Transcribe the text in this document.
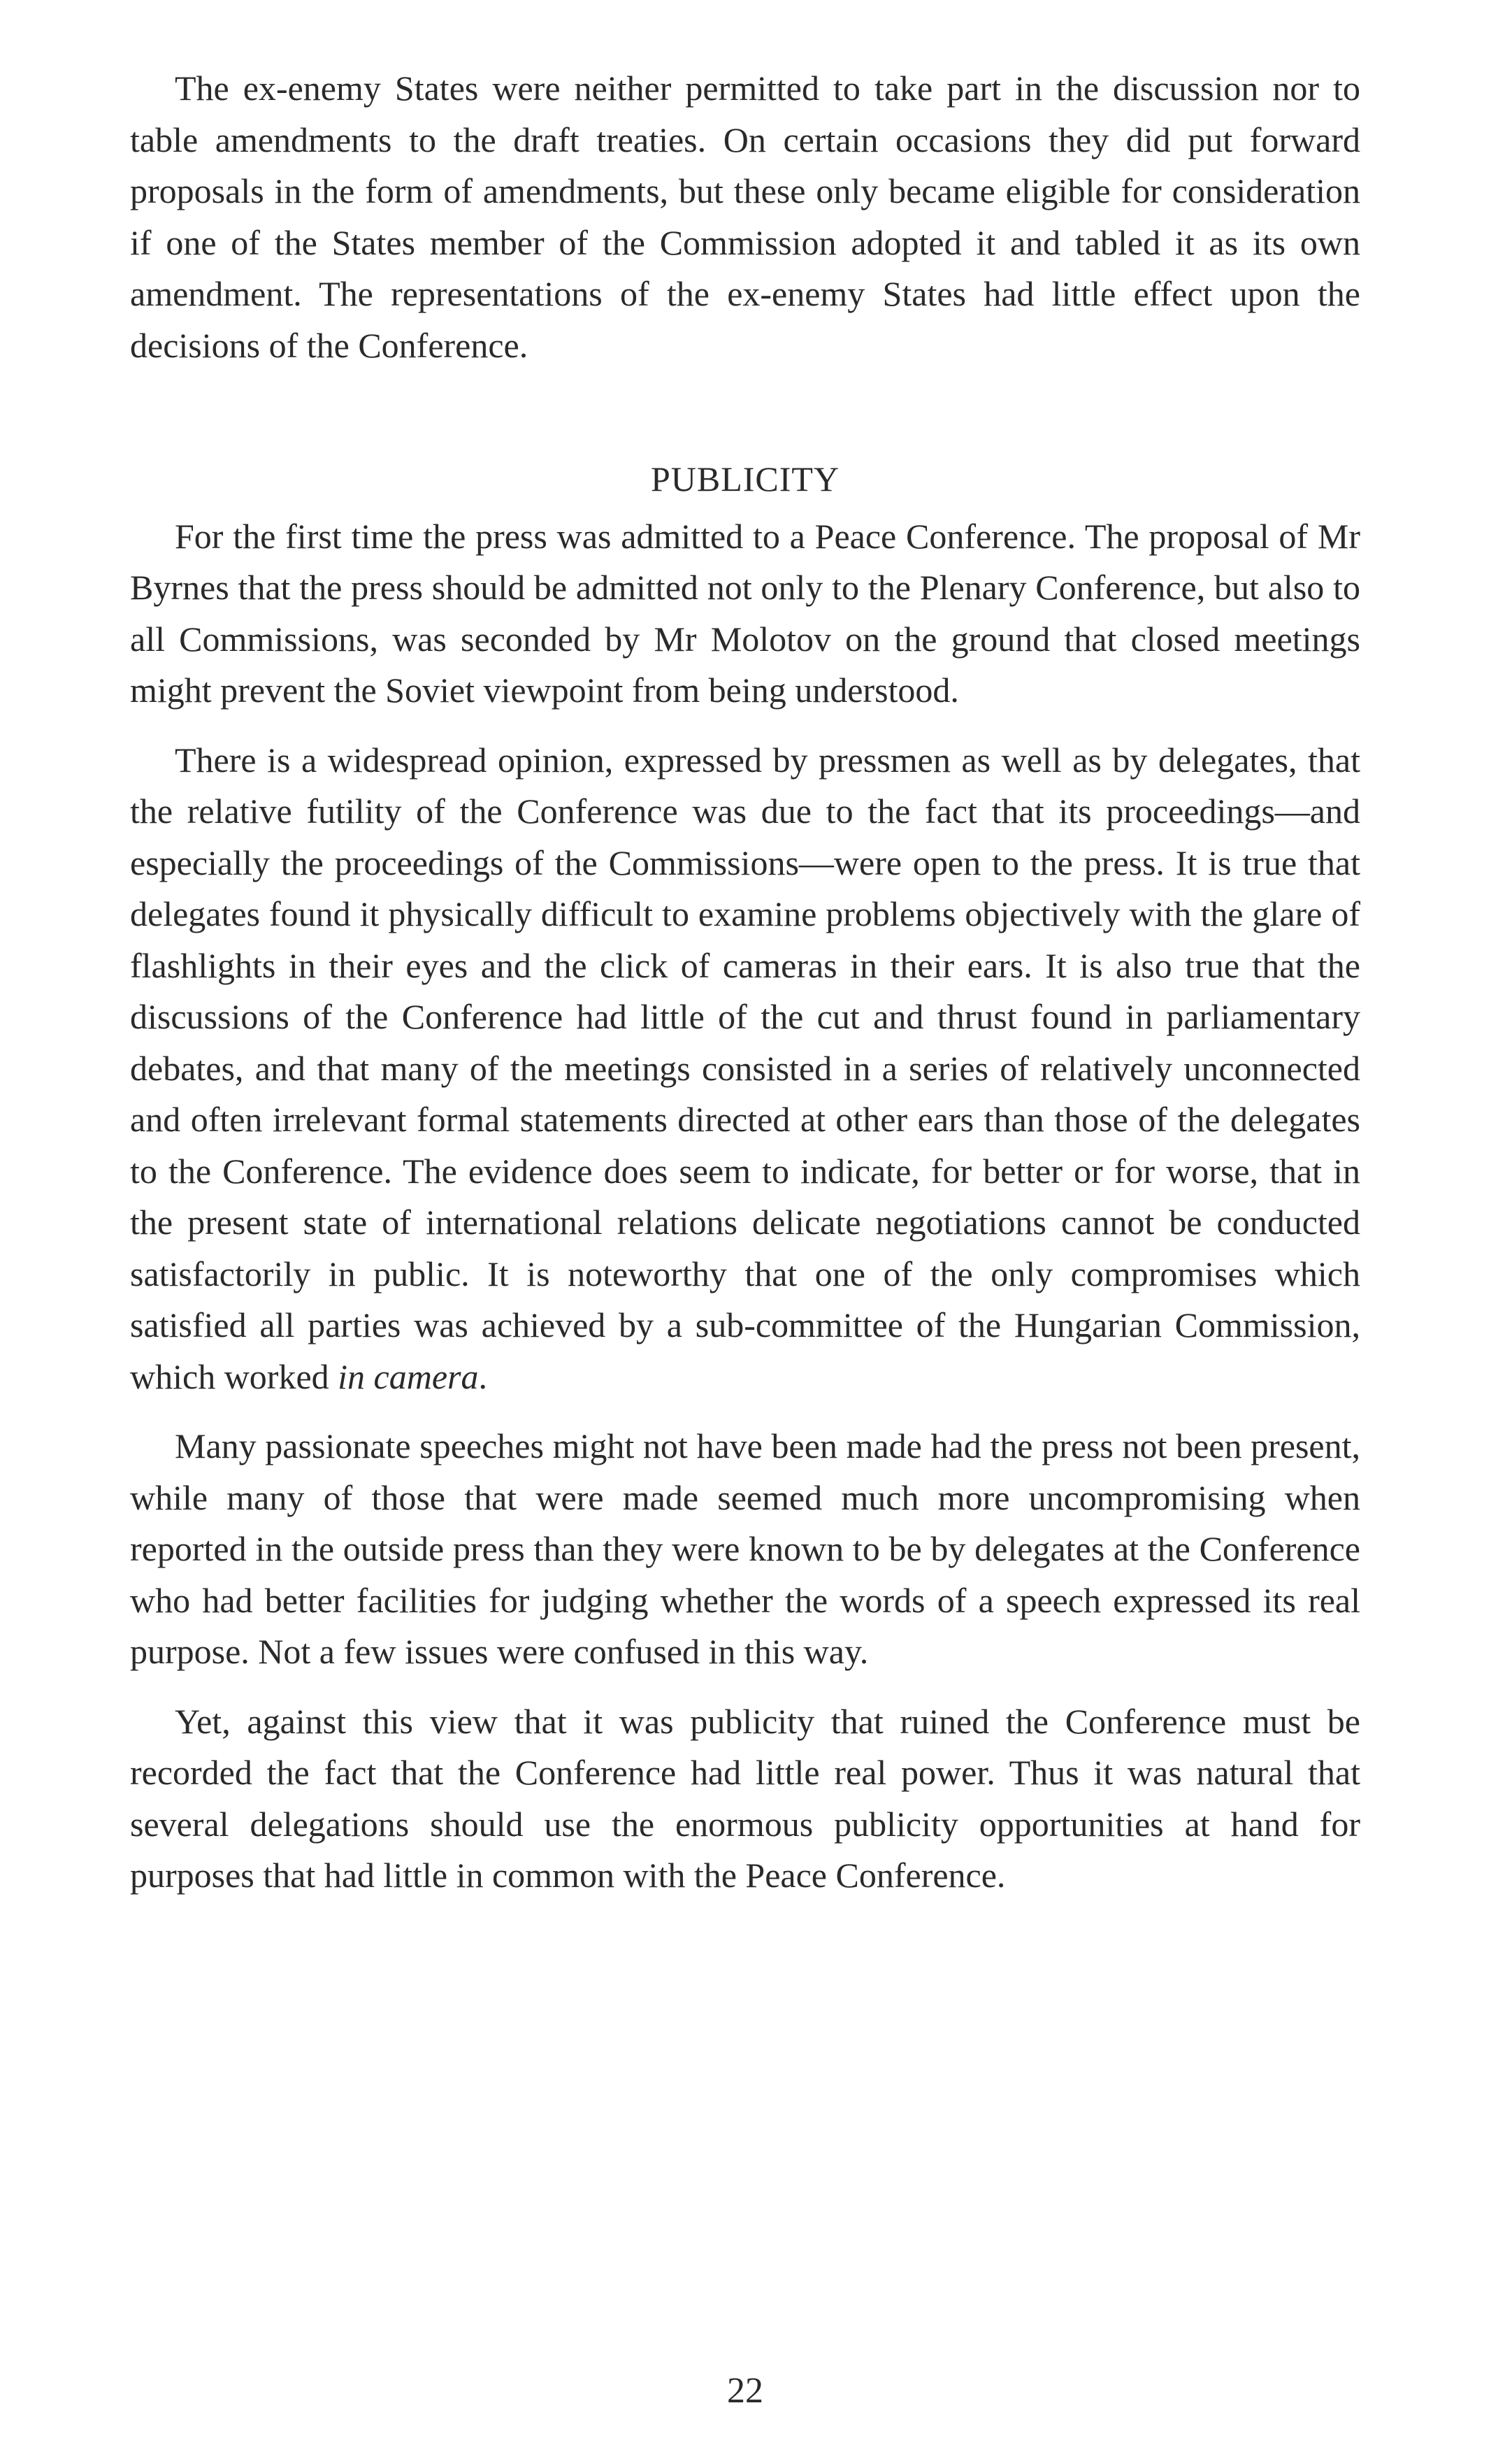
The ex-enemy States were neither permitted to take part in the discussion nor to table amendments to the draft treaties. On certain occasions they did put forward proposals in the form of amendments, but these only became eligible for consideration if one of the States member of the Commission adopted it and tabled it as its own amendment. The representations of the ex-enemy States had little effect upon the decisions of the Conference.

PUBLICITY

For the first time the press was admitted to a Peace Conference. The proposal of Mr Byrnes that the press should be admitted not only to the Plenary Conference, but also to all Commissions, was seconded by Mr Molotov on the ground that closed meetings might prevent the Soviet viewpoint from being understood.

There is a widespread opinion, expressed by pressmen as well as by delegates, that the relative futility of the Conference was due to the fact that its proceedings—and especially the proceedings of the Commissions—were open to the press. It is true that delegates found it physically difficult to examine problems objectively with the glare of flashlights in their eyes and the click of cameras in their ears. It is also true that the discussions of the Conference had little of the cut and thrust found in parliamentary debates, and that many of the meetings consisted in a series of relatively unconnected and often irrelevant formal statements directed at other ears than those of the delegates to the Conference. The evidence does seem to indicate, for better or for worse, that in the present state of international relations delicate negotiations cannot be conducted satisfactorily in public. It is noteworthy that one of the only compromises which satisfied all parties was achieved by a sub-committee of the Hungarian Commission, which worked in camera.

Many passionate speeches might not have been made had the press not been present, while many of those that were made seemed much more uncompromising when reported in the outside press than they were known to be by delegates at the Conference who had better facilities for judging whether the words of a speech expressed its real purpose. Not a few issues were confused in this way.

Yet, against this view that it was publicity that ruined the Conference must be recorded the fact that the Conference had little real power. Thus it was natural that several delegations should use the enormous publicity opportunities at hand for purposes that had little in common with the Peace Conference.

22
